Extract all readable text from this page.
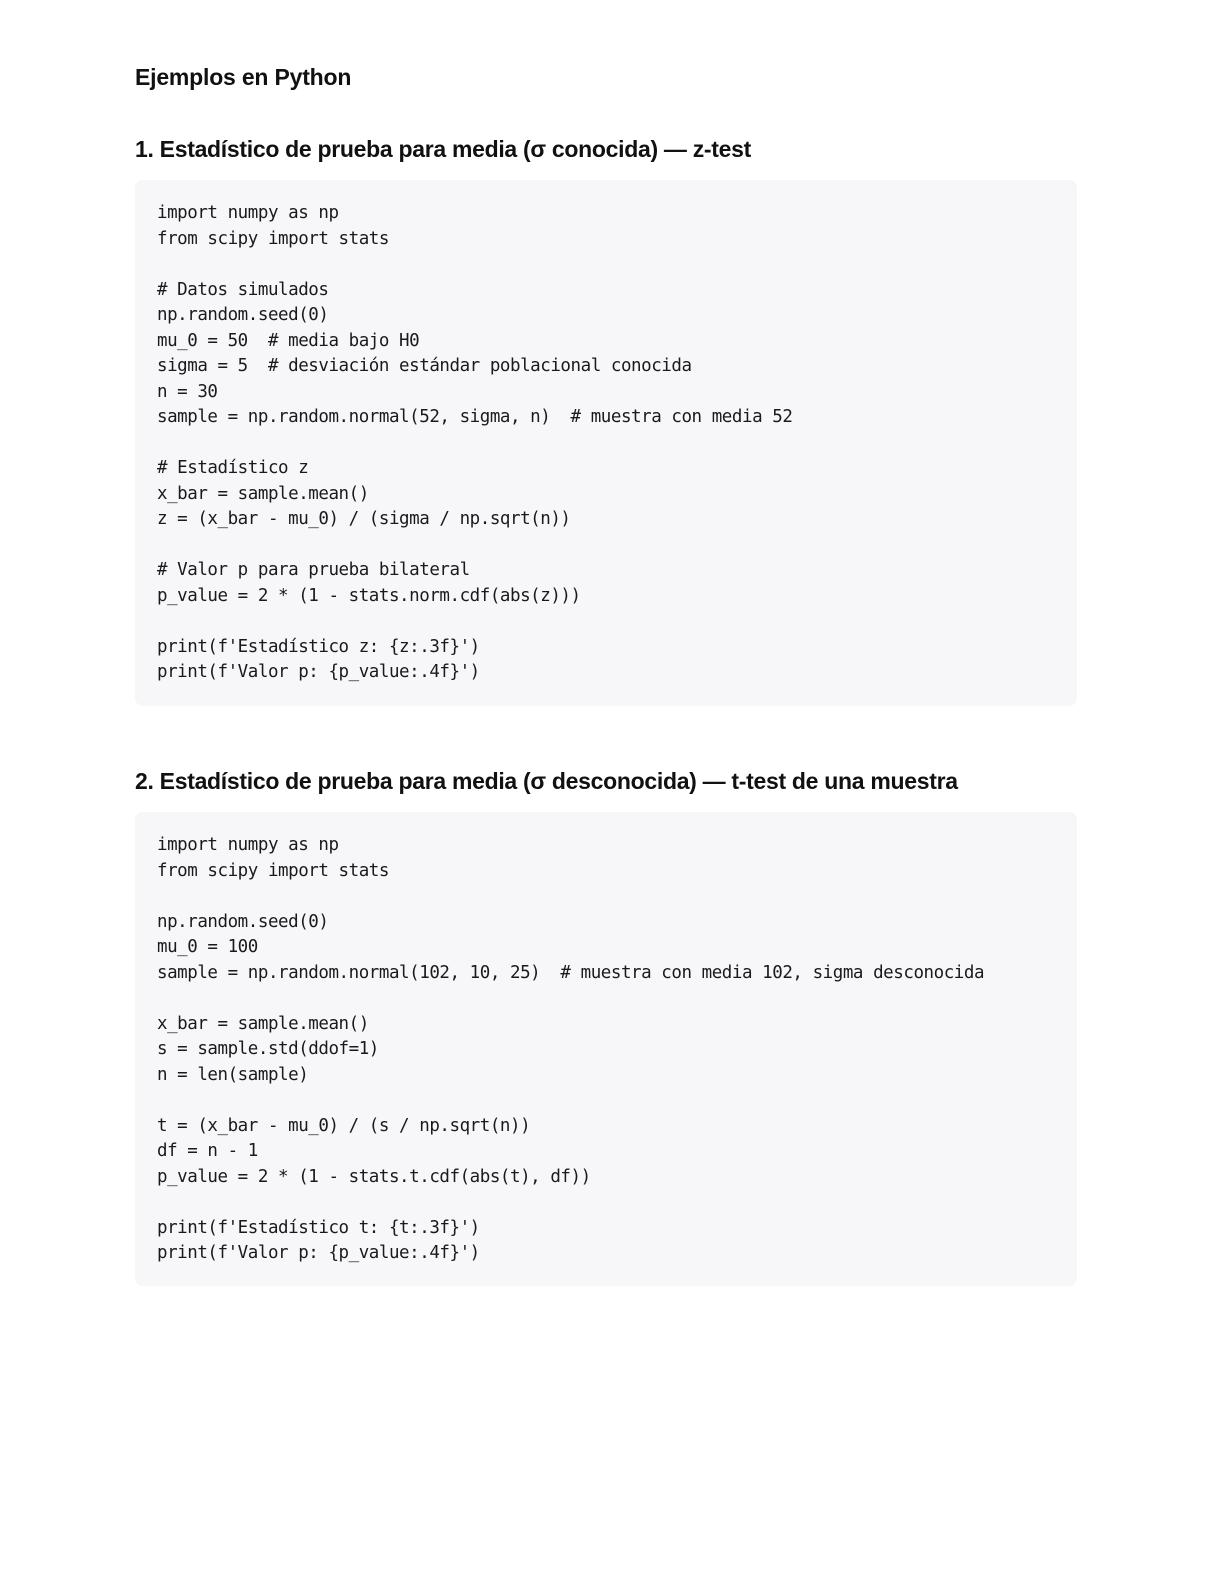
Ejemplos en Python
1. Estadístico de prueba para media (σ conocida) — z-test
import numpy as np
from scipy import stats
# Datos simulados
np.random.seed(0)
mu_0 = 50  # media bajo H0
sigma = 5  # desviación estándar poblacional conocida
n = 30
sample = np.random.normal(52, sigma, n)  # muestra con media 52
# Estadístico z
x_bar = sample.mean()
z = (x_bar - mu_0) / (sigma / np.sqrt(n))
# Valor p para prueba bilateral
p_value = 2 * (1 - stats.norm.cdf(abs(z)))
print(f'Estadístico z: {z:.3f}')
print(f'Valor p: {p_value:.4f}')
2. Estadístico de prueba para media (σ desconocida) — t-test de una muestra
import numpy as np
from scipy import stats
np.random.seed(0)
mu_0 = 100
sample = np.random.normal(102, 10, 25)  # muestra con media 102, sigma desconocida
x_bar = sample.mean()
s = sample.std(ddof=1)
n = len(sample)
t = (x_bar - mu_0) / (s / np.sqrt(n))
df = n - 1
p_value = 2 * (1 - stats.t.cdf(abs(t), df))
print(f'Estadístico t: {t:.3f}')
print(f'Valor p: {p_value:.4f}')
